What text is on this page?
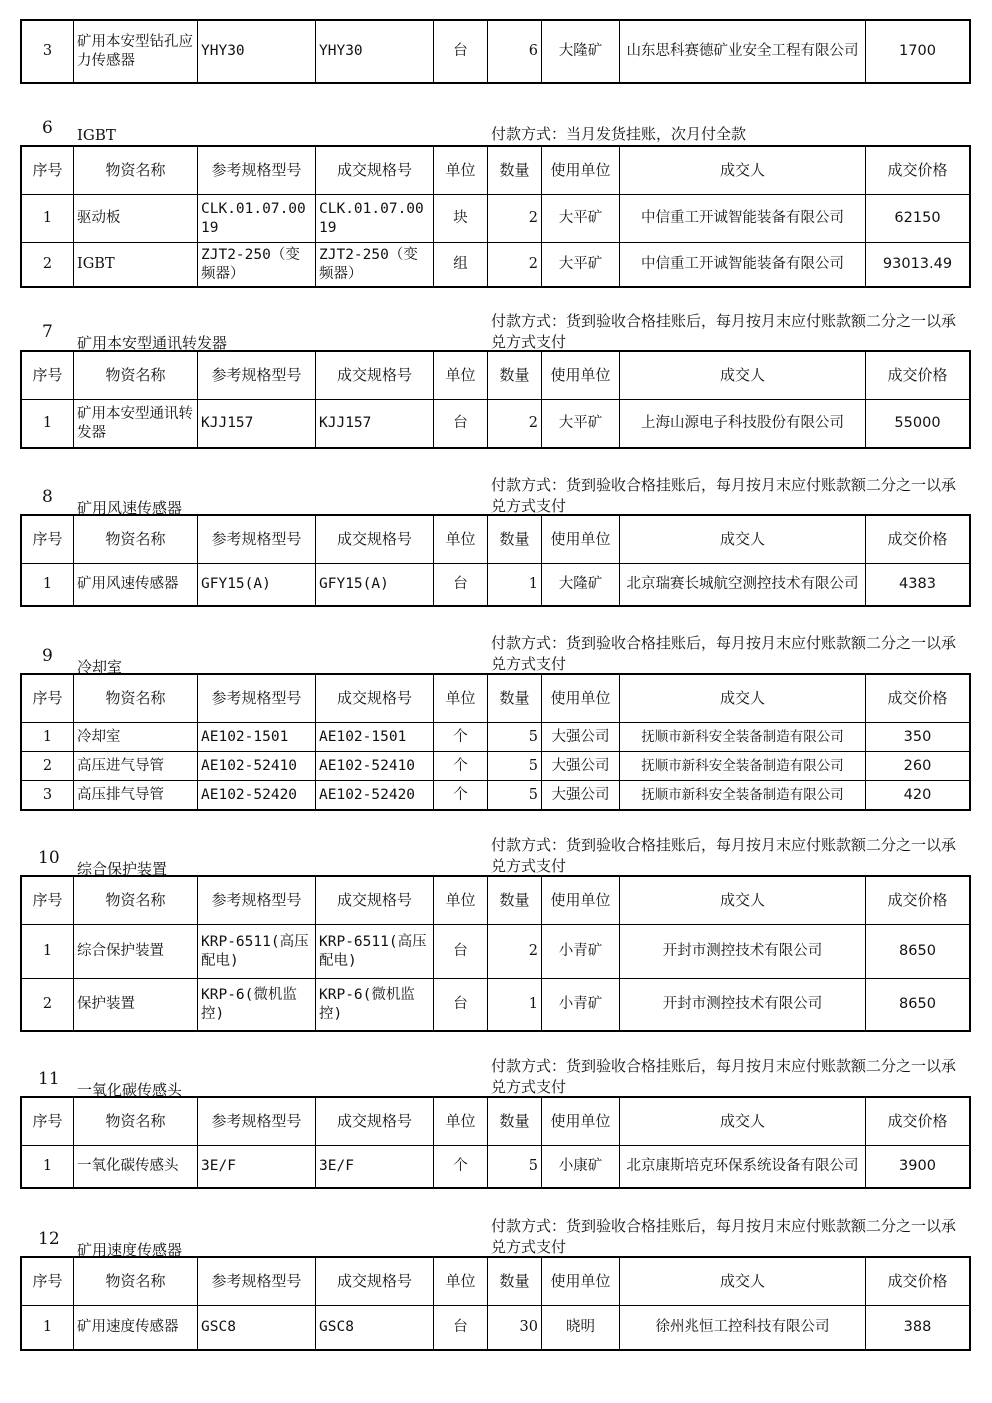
3	矿用本安型钻孔应力传感器	YHY30	YHY30	台	6	大隆矿	山东思科赛德矿业安全工程有限公司	1700
6 IGBT	付款方式：当月发货挂账，次月付全款
序号	物资名称	参考规格型号	成交规格号	单位	数量	使用单位	成交人	成交价格
1	驱动板	CLK.01.07.0019	CLK.01.07.0019	块	2	大平矿	中信重工开诚智能装备有限公司	62150
2	IGBT	ZJT2-250（变频器）	ZJT2-250（变频器）	组	2	大平矿	中信重工开诚智能装备有限公司	93013.49
7
矿用本安型通讯转发器
付款方式：货到验收合格挂账后，每月按月末应付账款额二分之一以承兑方式支付
序号	物资名称	参考规格型号	成交规格号	单位	数量	使用单位	成交人	成交价格
1	矿用本安型通讯转发器	KJJ157	KJJ157	台	2	大平矿	上海山源电子科技股份有限公司	55000
8
矿用风速传感器
付款方式：货到验收合格挂账后，每月按月末应付账款额二分之一以承兑方式支付
序号	物资名称	参考规格型号	成交规格号	单位	数量	使用单位	成交人	成交价格
1	矿用风速传感器	GFY15(A)	GFY15(A)	台	1	大隆矿	北京瑞赛长城航空测控技术有限公司	4383
9
冷却室
付款方式：货到验收合格挂账后，每月按月末应付账款额二分之一以承兑方式支付
序号	物资名称	参考规格型号	成交规格号	单位	数量	使用单位	成交人	成交价格
1	冷却室	AE102-1501	AE102-1501	个	5	大强公司	抚顺市新科安全装备制造有限公司	350
2	高压进气导管	AE102-52410	AE102-52410	个	5	大强公司	抚顺市新科安全装备制造有限公司	260
3	高压排气导管	AE102-52420	AE102-52420	个	5	大强公司	抚顺市新科安全装备制造有限公司	420
10
综合保护装置
付款方式：货到验收合格挂账后，每月按月末应付账款额二分之一以承兑方式支付
序号	物资名称	参考规格型号	成交规格号	单位	数量	使用单位	成交人	成交价格
1	综合保护装置	KRP-6511(高压配电)	KRP-6511(高压配电)	台	2	小青矿	开封市测控技术有限公司	8650
2	保护装置	KRP-6(微机监控)	KRP-6(微机监控)	台	1	小青矿	开封市测控技术有限公司	8650
11
一氧化碳传感头
付款方式：货到验收合格挂账后，每月按月末应付账款额二分之一以承兑方式支付
序号	物资名称	参考规格型号	成交规格号	单位	数量	使用单位	成交人	成交价格
1	一氧化碳传感头	3E/F	3E/F	个	5	小康矿	北京康斯培克环保系统设备有限公司	3900
12
矿用速度传感器
付款方式：货到验收合格挂账后，每月按月末应付账款额二分之一以承兑方式支付
序号	物资名称	参考规格型号	成交规格号	单位	数量	使用单位	成交人	成交价格
1	矿用速度传感器	GSC8	GSC8	台	30	晓明	徐州兆恒工控科技有限公司	388
